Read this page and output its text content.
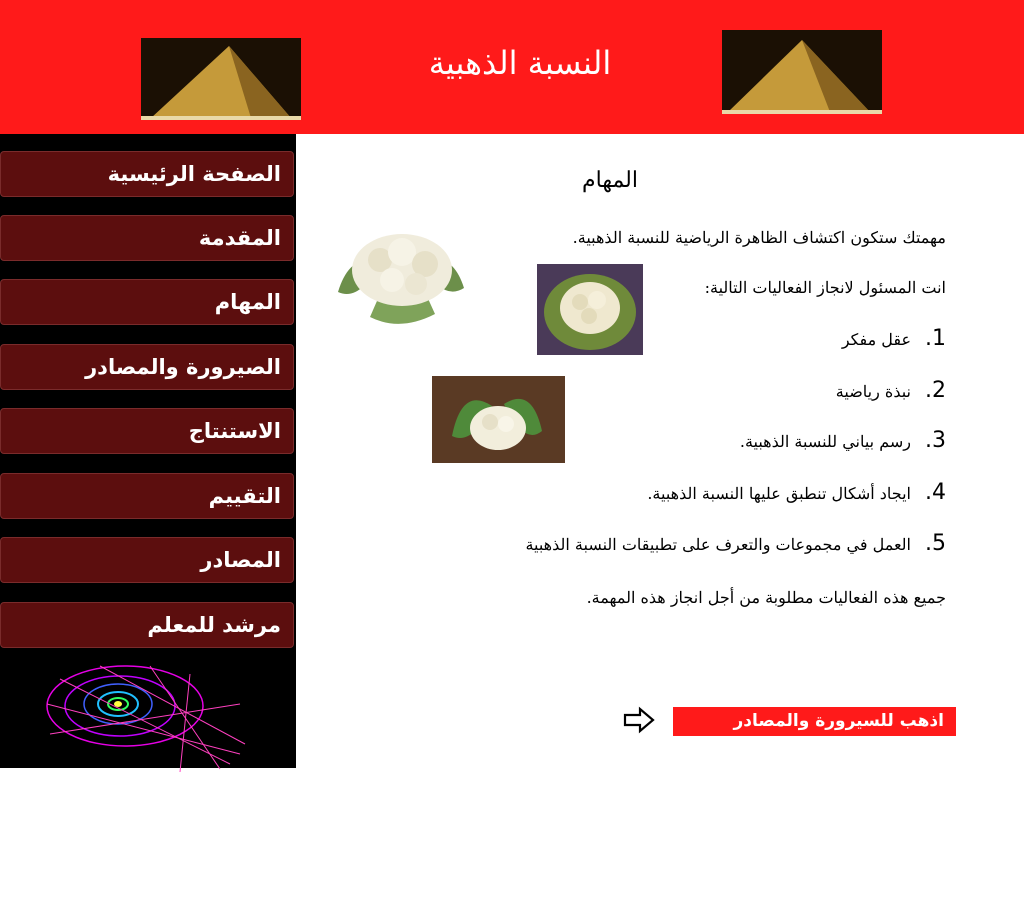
النسبة الذهبية
الصفحة الرئيسية
المقدمة
المهام
الصيرورة والمصادر
الاستنتاج
التقييم
المصادر
مرشد للمعلم
المهام
مهمتك ستكون اكتشاف الظاهرة الرياضية للنسبة الذهبية.
انت المسئول لانجاز الفعاليات التالية:
1.عقل مفكر
2.نبذة رياضية
3.رسم بياني للنسبة الذهبية.
4.ايجاد أشكال تنطبق عليها النسبة الذهبية.
5.العمل في مجموعات والتعرف على تطبيقات النسبة الذهبية
جميع هذه الفعاليات مطلوبة من أجل انجاز هذه المهمة.
اذهب للسيرورة والمصادر
